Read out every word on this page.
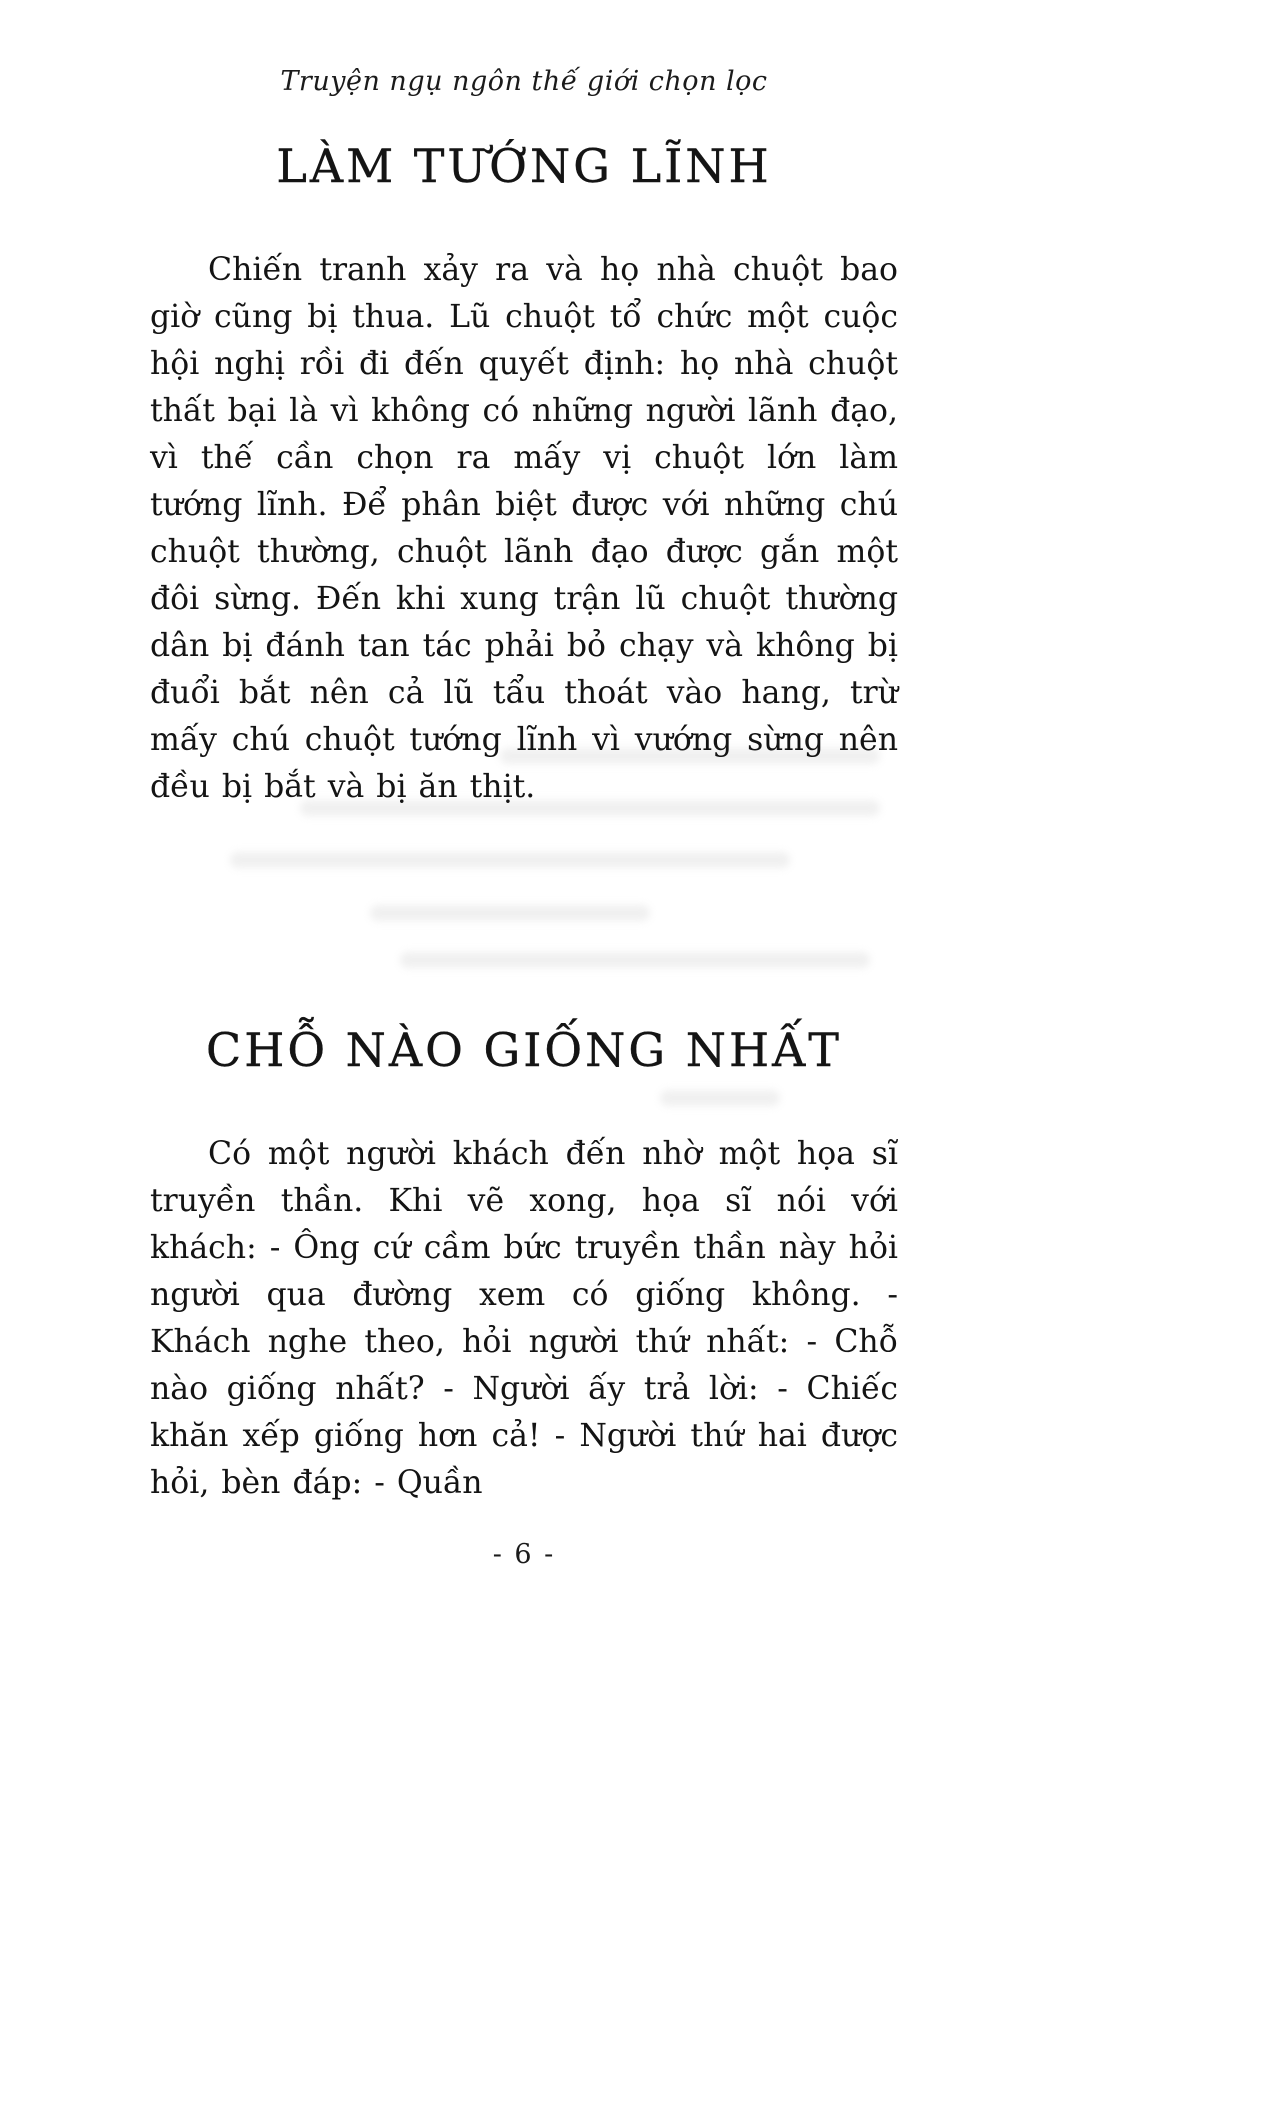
Truyện ngụ ngôn thế giới chọn lọc
LÀM TƯỚNG LĨNH

Chiến tranh xảy ra và họ nhà chuột bao giờ cũng bị thua. Lũ chuột tổ chức một cuộc hội nghị rồi đi đến quyết định: họ nhà chuột thất bại là vì không có những người lãnh đạo, vì thế cần chọn ra mấy vị chuột lớn làm tướng lĩnh. Để phân biệt được với những chú chuột thường, chuột lãnh đạo được gắn một đôi sừng. Đến khi xung trận lũ chuột thường dân bị đánh tan tác phải bỏ chạy và không bị đuổi bắt nên cả lũ tẩu thoát vào hang, trừ mấy chú chuột tướng lĩnh vì vướng sừng nên đều bị bắt và bị ăn thịt.

CHỖ NÀO GIỐNG NHẤT

Có một người khách đến nhờ một họa sĩ truyền thần. Khi vẽ xong, họa sĩ nói với khách: - Ông cứ cầm bức truyền thần này hỏi người qua đường xem có giống không. - Khách nghe theo, hỏi người thứ nhất: - Chỗ nào giống nhất? - Người ấy trả lời: - Chiếc khăn xếp giống hơn cả! - Người thứ hai được hỏi, bèn đáp: - Quần

- 6 -
